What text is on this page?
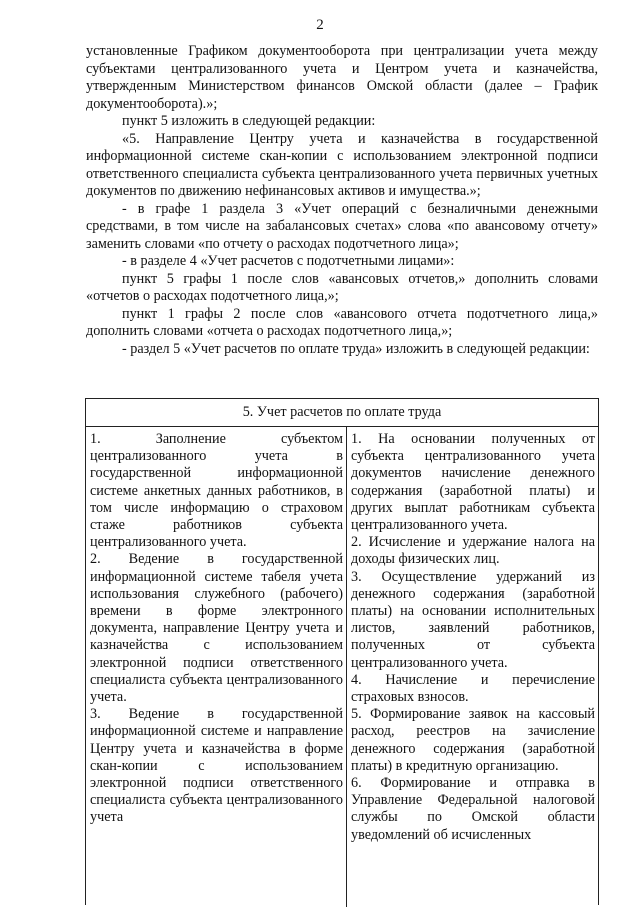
2

установленные Графиком документооборота при централизации учета между субъектами централизованного учета и Центром учета и казначейства, утвержденным Министерством финансов Омской области (далее – График документооборота).»;

пункт 5 изложить в следующей редакции:

«5. Направление Центру учета и казначейства в государственной информационной системе скан-копии с использованием электронной подписи ответственного специалиста субъекта централизованного учета первичных учетных документов по движению нефинансовых активов и имущества.»;

- в графе 1 раздела 3 «Учет операций с безналичными денежными средствами, в том числе на забалансовых счетах» слова «по авансовому отчету» заменить словами «по отчету о расходах подотчетного лица»;

- в разделе 4 «Учет расчетов с подотчетными лицами»:

пункт 5 графы 1 после слов «авансовых отчетов,» дополнить словами «отчетов о расходах подотчетного лица,»;

пункт 1 графы 2 после слов «авансового отчета подотчетного лица,» дополнить словами «отчета о расходах подотчетного лица,»;

- раздел 5 «Учет расчетов по оплате труда» изложить в следующей редакции:

5. Учет расчетов по оплате труда

1. Заполнение субъектом централизованного учета в государственной информационной системе анкетных данных работников, в том числе информацию о страховом стаже работников субъекта централизованного учета.

2. Ведение в государственной информационной системе табеля учета использования служебного (рабочего) времени в форме электронного документа, направление Центру учета и казначейства с использованием электронной подписи ответственного специалиста субъекта централизованного учета.

3. Ведение в государственной информационной системе и направление Центру учета и казначейства в форме скан-копии с использованием электронной подписи ответственного специалиста субъекта централизованного учета

1. На основании полученных от субъекта централизованного учета документов начисление денежного содержания (заработной платы) и других выплат работникам субъекта централизованного учета.

2. Исчисление и удержание налога на доходы физических лиц.

3. Осуществление удержаний из денежного содержания (заработной платы) на основании исполнительных листов, заявлений работников, полученных от субъекта централизованного учета.

4. Начисление и перечисление страховых взносов.

5. Формирование заявок на кассовый расход, реестров на зачисление денежного содержания (заработной платы) в кредитную организацию.

6. Формирование и отправка в Управление Федеральной налоговой службы по Омской области уведомлений об исчисленных
